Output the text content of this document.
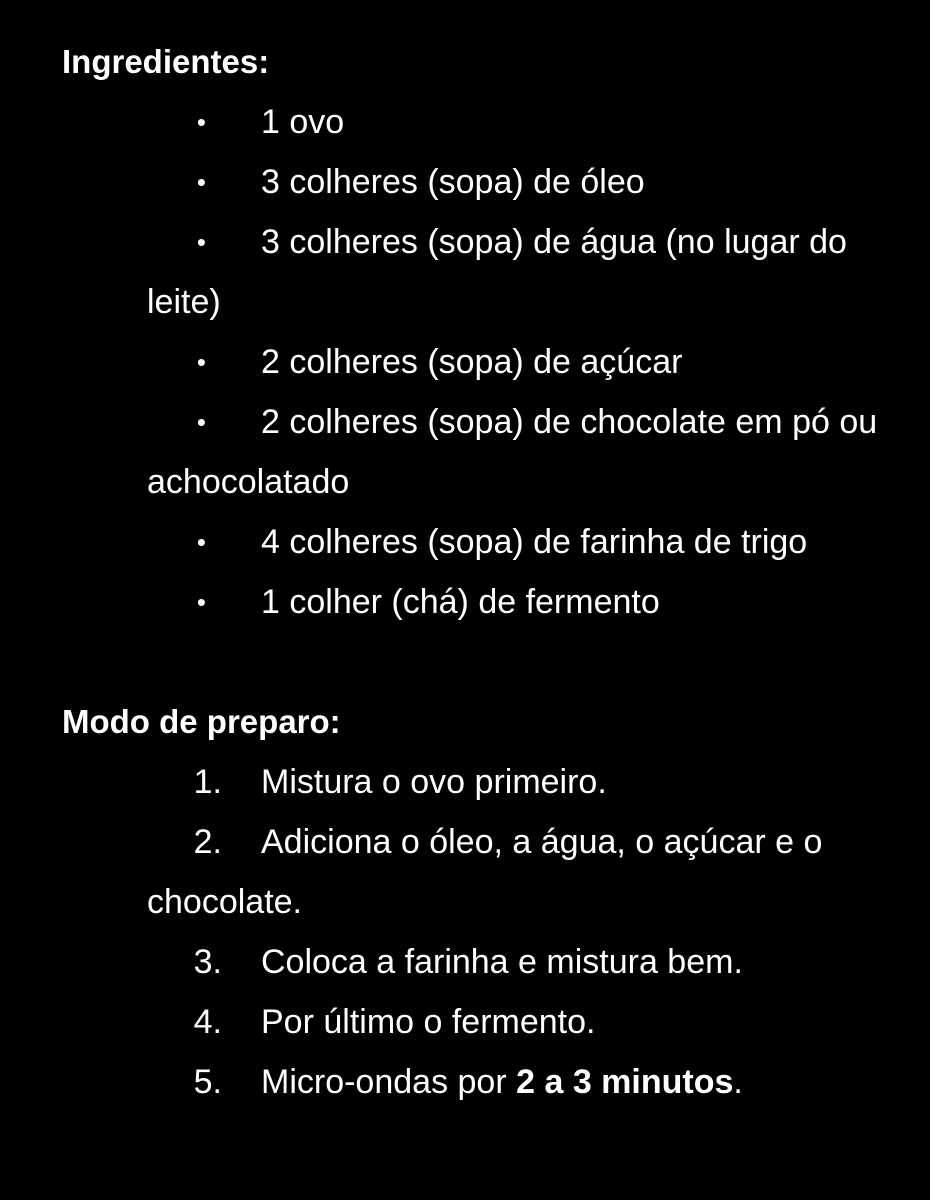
Ingredientes:
• 1 ovo
• 3 colheres (sopa) de óleo
• 3 colheres (sopa) de água (no lugar do leite)
• 2 colheres (sopa) de açúcar
• 2 colheres (sopa) de chocolate em pó ou achocolatado
• 4 colheres (sopa) de farinha de trigo
• 1 colher (chá) de fermento
Modo de preparo:
1. Mistura o ovo primeiro.
2. Adiciona o óleo, a água, o açúcar e o chocolate.
3. Coloca a farinha e mistura bem.
4. Por último o fermento.
5. Micro-ondas por 2 a 3 minutos.
